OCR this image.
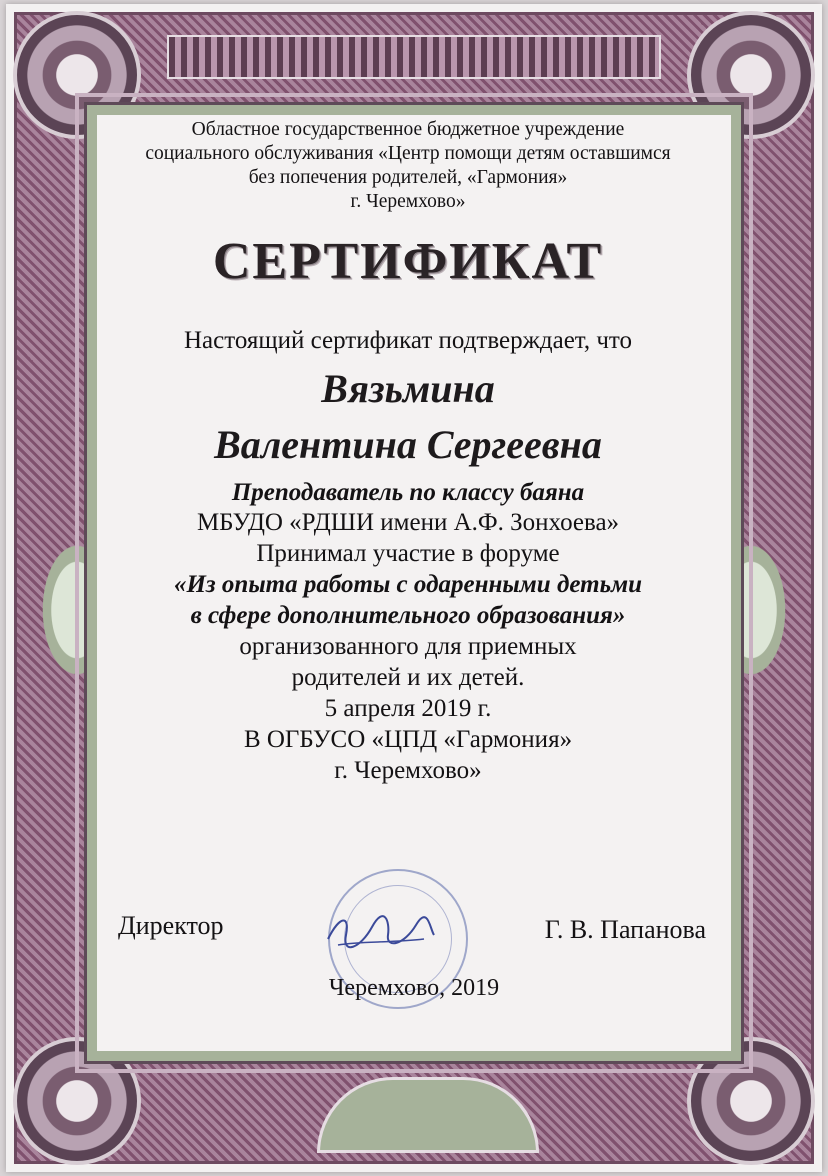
Областное государственное бюджетное учреждение
социального обслуживания «Центр помощи детям оставшимся
без попечения родителей, «Гармония»
г. Черемхово»
СЕРТИФИКАТ
Настоящий сертификат подтверждает, что
Вязьмина
Валентина Сергеевна
Преподаватель по классу баяна
МБУДО «РДШИ имени А.Ф. Зонхоева»
Принимал участие в форуме
«Из опыта работы с одаренными детьми
в сфере дополнительного образования»
организованного для приемных
родителей и их детей.
5 апреля 2019 г.
В ОГБУСО «ЦПД «Гармония»
г. Черемхово»
Директор	Г. В. Папанова
Черемхово, 2019
